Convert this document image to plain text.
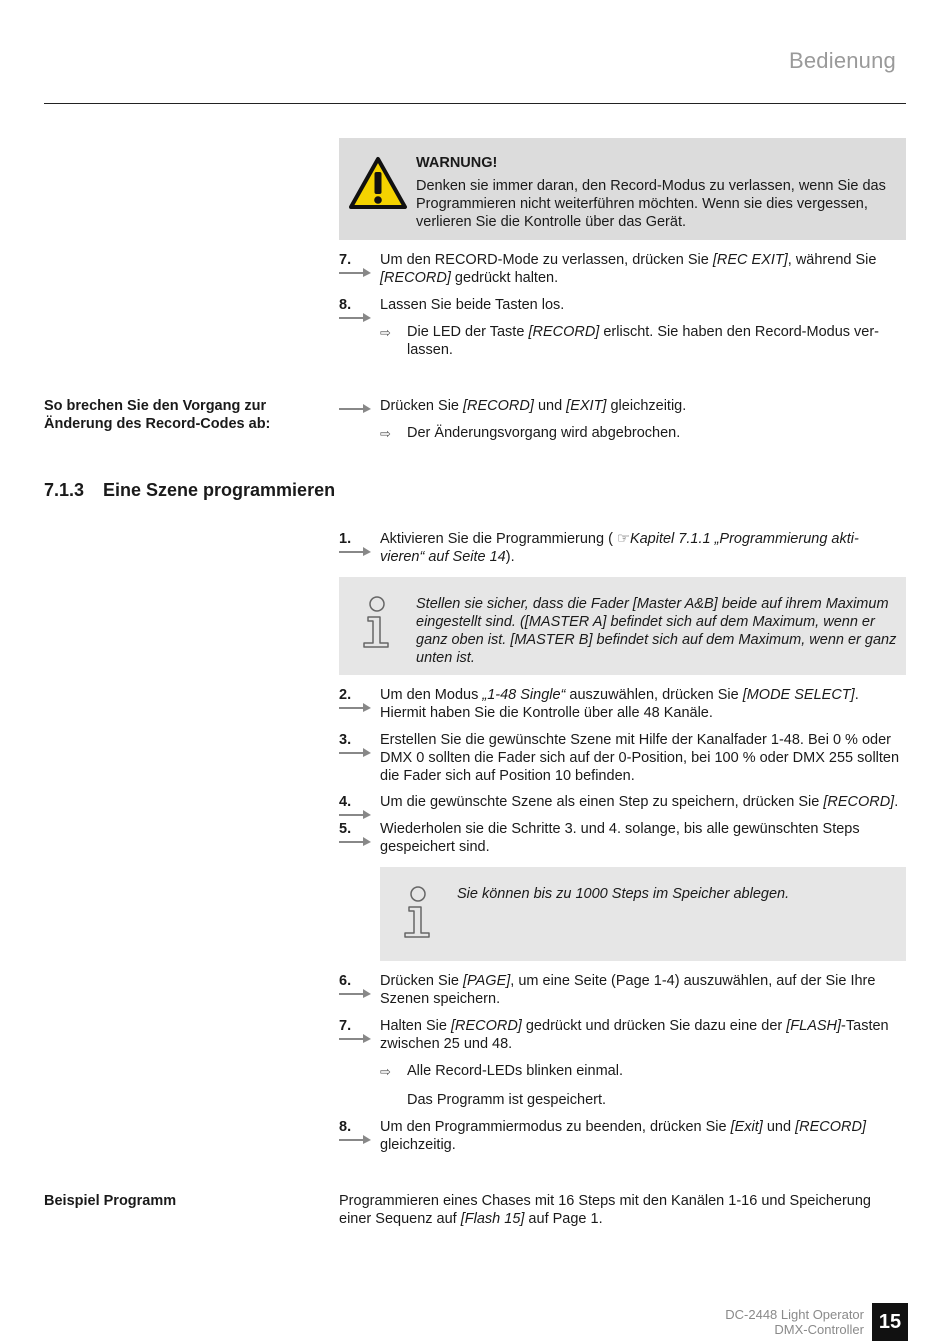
Bedienung
WARNUNG!
Denken sie immer daran, den Record-Modus zu verlassen, wenn Sie das Programmieren nicht weiterführen möchten. Wenn sie dies vergessen, verlieren Sie die Kontrolle über das Gerät.
7.	Um den RECORD-Mode zu verlassen, drücken Sie [REC EXIT], während Sie
[RECORD] gedrückt halten.
8.	Lassen Sie beide Tasten los.
⇨ Die LED der Taste [RECORD] erlischt. Sie haben den Record-Modus ver-
lassen.
So brechen Sie den Vorgang zur
Änderung des Record-Codes ab:
Drücken Sie [RECORD] und [EXIT] gleichzeitig.
⇨ Der Änderungsvorgang wird abgebrochen.
7.1.3 Eine Szene programmieren
1.	Aktivieren Sie die Programmierung ( ☞Kapitel 7.1.1 „Programmierung akti-
vieren“ auf Seite 14).
Stellen sie sicher, dass die Fader [Master A&B] beide auf ihrem Maximum eingestellt sind. ([MASTER A] befindet sich auf dem Maximum, wenn er ganz oben ist. [MASTER B] befindet sich auf dem Maximum, wenn er ganz unten ist.
2.	Um den Modus „1-48 Single“ auszuwählen, drücken Sie [MODE SELECT]. Hiermit haben Sie die Kontrolle über alle 48 Kanäle.
3.	Erstellen Sie die gewünschte Szene mit Hilfe der Kanalfader 1-48. Bei 0 % oder DMX 0 sollten die Fader sich auf der 0-Position, bei 100 % oder DMX 255 sollten die Fader sich auf Position 10 befinden.
4.	Um die gewünschte Szene als einen Step zu speichern, drücken Sie [RECORD].
5.	Wiederholen sie die Schritte 3. und 4. solange, bis alle gewünschten Steps gespeichert sind.
Sie können bis zu 1000 Steps im Speicher ablegen.
6.	Drücken Sie [PAGE], um eine Seite (Page 1-4) auszuwählen, auf der Sie Ihre Szenen speichern.
7.	Halten Sie [RECORD] gedrückt und drücken Sie dazu eine der [FLASH]-Tasten zwischen 25 und 48.
⇨ Alle Record-LEDs blinken einmal.
Das Programm ist gespeichert.
8.	Um den Programmiermodus zu beenden, drücken Sie [Exit] und [RECORD]
gleichzeitig.
Beispiel Programm	Programmieren eines Chases mit 16 Steps mit den Kanälen 1-16 und Speicherung einer Sequenz auf [Flash 15] auf Page 1.
DC-2448 Light Operator
DMX-Controller 15
